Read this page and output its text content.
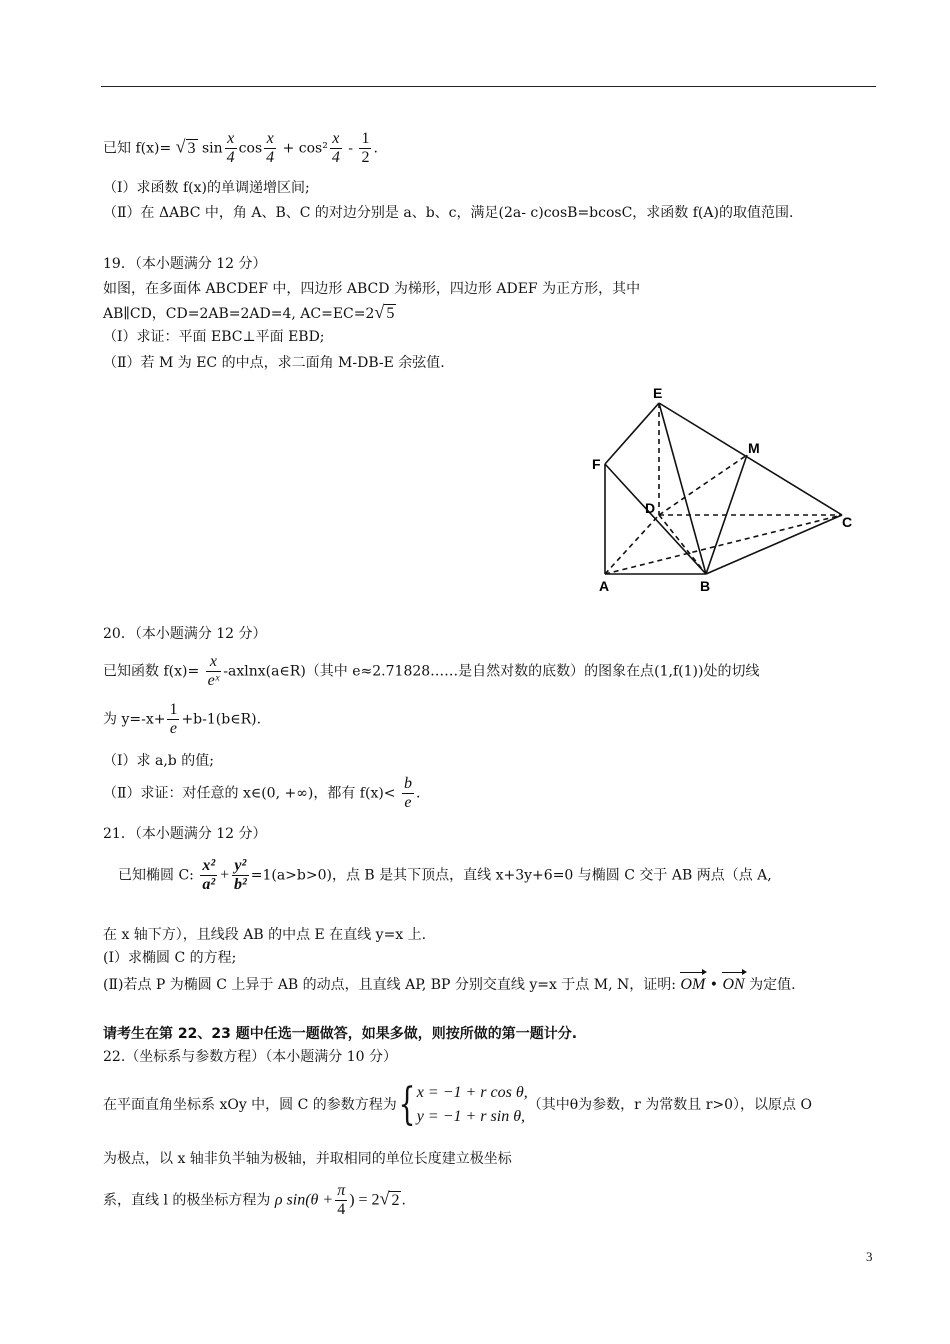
已知 f(x)= √ 3 $\sin \frac{x}{4}$ $\cos \frac{x}{4} + \cos^2 \frac{x}{4} - \frac{1}{2}$ .
（Ⅰ）求函数 f(x)的单调递增区间;
（Ⅱ）在 ΔABC 中，角 A、B、C 的对边分别是 a、b、c，满足(2a- c)cosB=bcosC，求函数 f(A)的取值范围.
19．（本小题满分 12 分）
如图，在多面体 ABCDEF 中，四边形 ABCD 为梯形，四边形 ADEF 为正方形，其中
AB∥CD，CD=2AB=2AD=4, AC=EC=2√ 5
（Ⅰ）求证：平面 EBC⊥平面 EBD;
（Ⅱ）若 M 为 EC 的中点，求二面角 M-DB-E 余弦值.
E
M
F
D
C
A	B
20．（本小题满分 12 分）
已知函数 $f(x)= \frac{x}{\text{eˣ}}$ -axlnx(a∈R)（其中 e≈2.71828……是自然对数的底数）的图象在点(1,f(1))处的切线
为 $y=-x+ \frac{1}{e}$ +b-1(b∈R).
（Ⅰ）求 a,b 的值;
（Ⅱ）求证：对任意的 x∈(0, +∞)，都有 $f(x)< \frac{b}{e}$ .
21．（本小题满分 12 分）
已知椭圆 C: $\frac{\text{x²}}{\text{a²}} + \frac{\text{y²}}{\text{b²}} =1(a>b>0)$，点 B 是其下顶点，直线 x+3y+6=0 与椭圆 C 交于 AB 两点（点 A,
在 x 轴下方），且线段 AB 的中点 E 在直线 y=x 上.
(I）求椭圆 C 的方程;
(Ⅱ)若点 P 为椭圆 C 上异于 AB 的动点，且直线 AP, BP 分别交直线 y=x 于点 M, N，证明: OM • ON 为定值.
请考生在第 22、23 题中任选一题做答，如果多做，则按所做的第一题计分.
22.（坐标系与参数方程）（本小题满分 10 分）
在平面直角坐标系 xOy 中，圆 C 的参数方程为{ x = −1 + r cos θ,
y = −1 + r sin θ,
（其中θ为参数，r 为常数且 r>0），以原点 O
为极点，以 x 轴非负半轴为极轴，并取相同的单位长度建立极坐标
系，直线 l 的极坐标方程为 ρ $\sin(\theta + \frac{\pi}{4}$ ) = 2√ 2 .
3
